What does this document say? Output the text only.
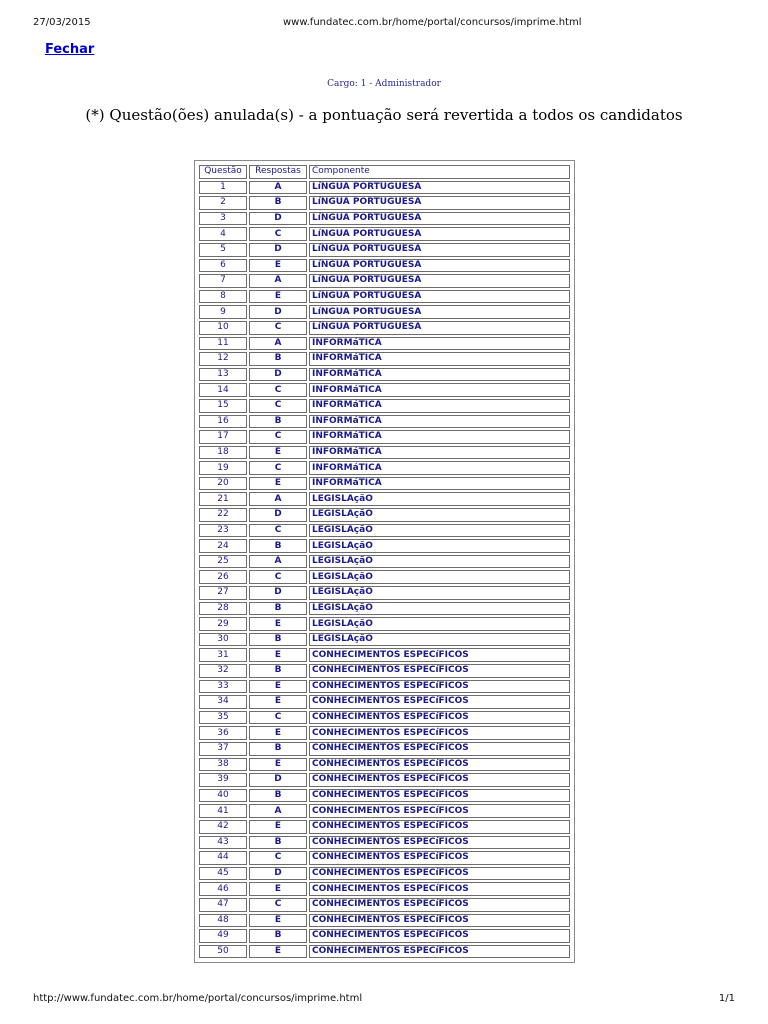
27/03/2015	www.fundatec.com.br/home/portal/concursos/imprime.html
Fechar
Cargo: 1 - Administrador
(*) Questão(ões) anulada(s) - a pontuação será revertida a todos os candidatos
Questão	Respostas	Componente
1	A	LíNGUA PORTUGUESA
2	B	LíNGUA PORTUGUESA
3	D	LíNGUA PORTUGUESA
4	C	LíNGUA PORTUGUESA
5	D	LíNGUA PORTUGUESA
6	E	LíNGUA PORTUGUESA
7	A	LíNGUA PORTUGUESA
8	E	LíNGUA PORTUGUESA
9	D	LíNGUA PORTUGUESA
10	C	LíNGUA PORTUGUESA
11	A	INFORMáTICA
12	B	INFORMáTICA
13	D	INFORMáTICA
14	C	INFORMáTICA
15	C	INFORMáTICA
16	B	INFORMáTICA
17	C	INFORMáTICA
18	E	INFORMáTICA
19	C	INFORMáTICA
20	E	INFORMáTICA
21	A	LEGISLAçãO
22	D	LEGISLAçãO
23	C	LEGISLAçãO
24	B	LEGISLAçãO
25	A	LEGISLAçãO
26	C	LEGISLAçãO
27	D	LEGISLAçãO
28	B	LEGISLAçãO
29	E	LEGISLAçãO
30	B	LEGISLAçãO
31	E	CONHECIMENTOS ESPECíFICOS
32	B	CONHECIMENTOS ESPECíFICOS
33	E	CONHECIMENTOS ESPECíFICOS
34	E	CONHECIMENTOS ESPECíFICOS
35	C	CONHECIMENTOS ESPECíFICOS
36	E	CONHECIMENTOS ESPECíFICOS
37	B	CONHECIMENTOS ESPECíFICOS
38	E	CONHECIMENTOS ESPECíFICOS
39	D	CONHECIMENTOS ESPECíFICOS
40	B	CONHECIMENTOS ESPECíFICOS
41	A	CONHECIMENTOS ESPECíFICOS
42	E	CONHECIMENTOS ESPECíFICOS
43	B	CONHECIMENTOS ESPECíFICOS
44	C	CONHECIMENTOS ESPECíFICOS
45	D	CONHECIMENTOS ESPECíFICOS
46	E	CONHECIMENTOS ESPECíFICOS
47	C	CONHECIMENTOS ESPECíFICOS
48	E	CONHECIMENTOS ESPECíFICOS
49	B	CONHECIMENTOS ESPECíFICOS
50	E	CONHECIMENTOS ESPECíFICOS
http://www.fundatec.com.br/home/portal/concursos/imprime.html	1/1
